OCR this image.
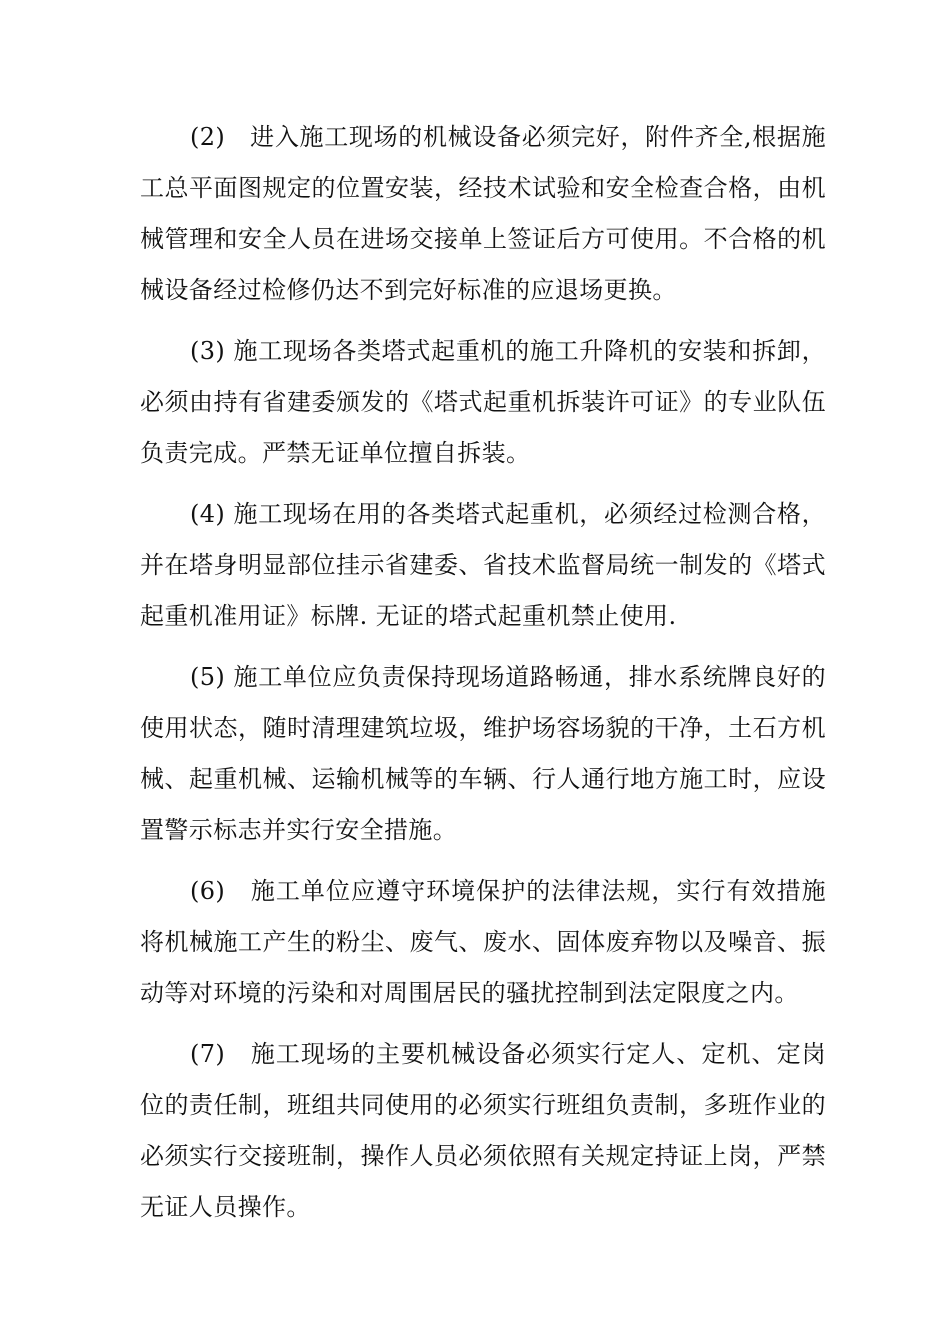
(2)　进入施工现场的机械设备必须完好，附件齐全,根据施工总平面图规定的位置安装，经技术试验和安全检查合格，由机械管理和安全人员在进场交接单上签证后方可使用。不合格的机械设备经过检修仍达不到完好标准的应退场更换。

(3) 施工现场各类塔式起重机的施工升降机的安装和拆卸，必须由持有省建委颁发的《塔式起重机拆装许可证》的专业队伍负责完成。严禁无证单位擅自拆装。

(4) 施工现场在用的各类塔式起重机，必须经过检测合格，并在塔身明显部位挂示省建委、省技术监督局统一制发的《塔式起重机准用证》标牌. 无证的塔式起重机禁止使用.

(5) 施工单位应负责保持现场道路畅通，排水系统牌良好的使用状态，随时清理建筑垃圾，维护场容场貌的干净，土石方机械、起重机械、运输机械等的车辆、行人通行地方施工时，应设置警示标志并实行安全措施。

(6)　施工单位应遵守环境保护的法律法规，实行有效措施将机械施工产生的粉尘、废气、废水、固体废弃物以及噪音、振动等对环境的污染和对周围居民的骚扰控制到法定限度之内。

(7)　施工现场的主要机械设备必须实行定人、定机、定岗位的责任制，班组共同使用的必须实行班组负责制，多班作业的必须实行交接班制，操作人员必须依照有关规定持证上岗，严禁无证人员操作。
